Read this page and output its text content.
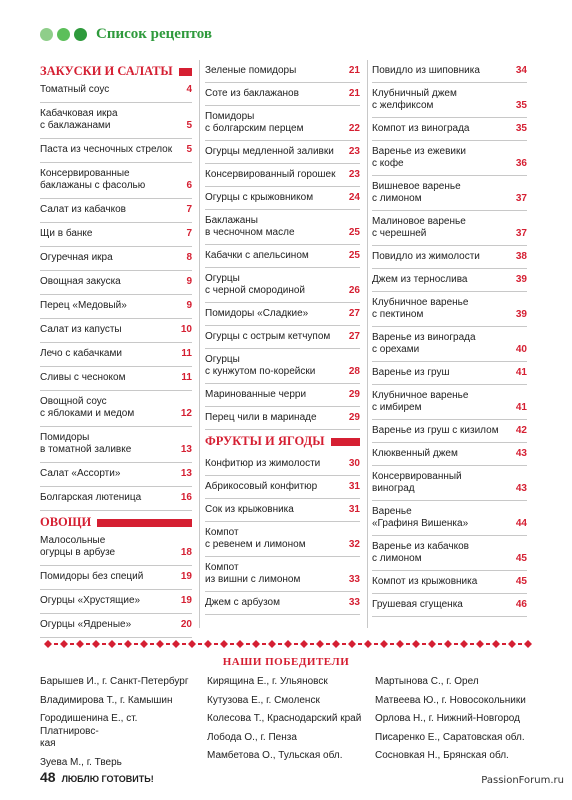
Список рецептов
ЗАКУСКИ И САЛАТЫ
Томатный соус	4
Кабачковая икра
с баклажанами	5
Паста из чесночных стрелок	5
Консервированные
баклажаны с фасолью	6
Салат из кабачков	7
Щи в банке	7
Огуречная икра	8
Овощная закуска	9
Перец «Медовый»	9
Салат из капусты	10
Лечо с кабачками	11
Сливы с чесноком	11
Овощной соус
с яблоками и медом	12
Помидоры
в томатной заливке	13
Салат «Ассорти»	13
Болгарская лютеница	16
ОВОЩИ
Малосольные
огурцы в арбузе	18
Помидоры без специй	19
Огурцы «Хрустящие»	19
Огурцы «Ядреные»	20
Зеленые помидоры	21
Соте из баклажанов	21
Помидоры
с болгарским перцем	22
Огурцы медленной заливки	23
Консервированный горошек	23
Огурцы с крыжовником	24
Баклажаны
в чесночном масле	25
Кабачки с апельсином	25
Огурцы
с черной смородиной	26
Помидоры «Сладкие»	27
Огурцы с острым кетчупом	27
Огурцы
с кунжутом по-корейски	28
Маринованные черри	29
Перец чили в маринаде	29
ФРУКТЫ И ЯГОДЫ
Конфитюр из жимолости	30
Абрикосовый конфитюр	31
Сок из крыжовника	31
Компот
с ревенем и лимоном	32
Компот
из вишни с лимоном	33
Джем с арбузом	33
Повидло из шиповника	34
Клубничный джем
с желфиксом	35
Компот из винограда	35
Варенье из ежевики
с кофе	36
Вишневое варенье
с лимоном	37
Малиновое варенье
с черешней	37
Повидло из жимолости	38
Джем из тернослива	39
Клубничное варенье
с пектином	39
Варенье из винограда
с орехами	40
Варенье из груш	41
Клубничное варенье
с имбирем	41
Варенье из груш с кизилом	42
Клюквенный джем	43
Консервированный
виноград	43
Варенье
«Графиня Вишенка»	44
Варенье из кабачков
с лимоном	45
Компот из крыжовника	45
Грушевая сгущенка	46
НАШИ ПОБЕДИТЕЛИ
Барышев И., г. Санкт-Петербург
Владимирова Т., г. Камышин
Городишенина Е., ст. Платнировс-
кая
Зуева М., г. Тверь
Кирящина Е., г. Ульяновск
Кутузова Е., г. Смоленск
Колесова Т., Краснодарский край
Лобода О., г. Пенза
Мамбетова О., Тульская обл.
Мартынова С., г. Орел
Матвеева Ю., г. Новосокольники
Орлова Н., г. Нижний-Новгород
Писаренко Е., Саратовская обл.
Сосновкая Н., Брянская обл.
48 ЛЮБЛЮ ГОТОВИТЬ!	PassionForum.ru
